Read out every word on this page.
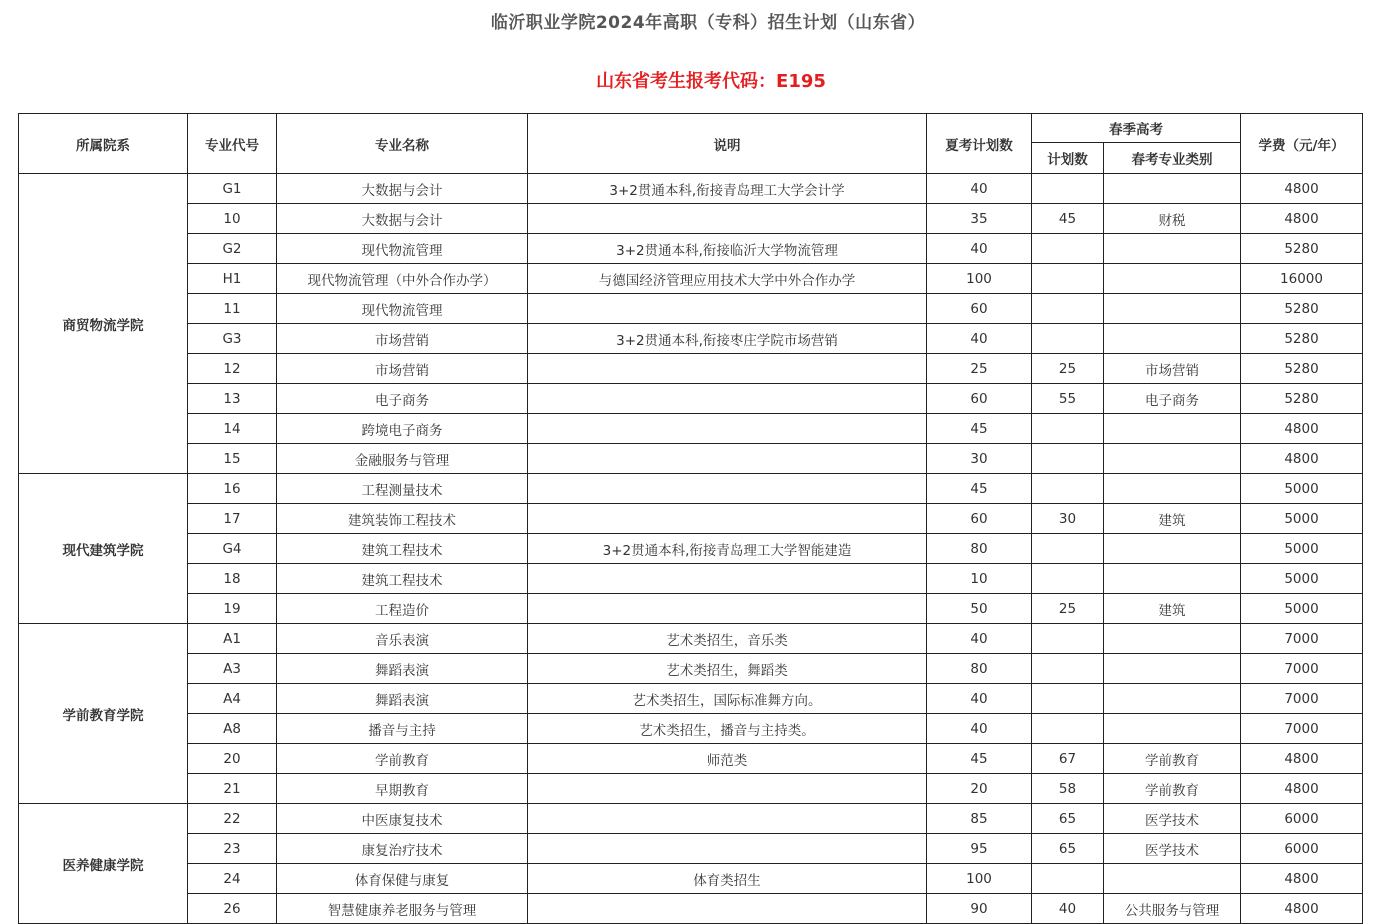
临沂职业学院2024年高职（专科）招生计划（山东省）
山东省考生报考代码：E195
所属院系	专业代号	专业名称	说明	夏考计划数	春季高考		学费（元/年）
					计划数	春考专业类别	
商贸物流学院	G1	大数据与会计	3+2贯通本科,衔接青岛理工大学会计学	40			4800
	10	大数据与会计		35	45	财税	4800
	G2	现代物流管理	3+2贯通本科,衔接临沂大学物流管理	40			5280
	H1	现代物流管理（中外合作办学）	与德国经济管理应用技术大学中外合作办学	100			16000
	11	现代物流管理		60			5280
	G3	市场营销	3+2贯通本科,衔接枣庄学院市场营销	40			5280
	12	市场营销		25	25	市场营销	5280
	13	电子商务		60	55	电子商务	5280
	14	跨境电子商务		45			4800
	15	金融服务与管理		30			4800
现代建筑学院	16	工程测量技术		45			5000
	17	建筑装饰工程技术		60	30	建筑	5000
	G4	建筑工程技术	3+2贯通本科,衔接青岛理工大学智能建造	80			5000
	18	建筑工程技术		10			5000
	19	工程造价		50	25	建筑	5000
学前教育学院	A1	音乐表演	艺术类招生，音乐类	40			7000
	A3	舞蹈表演	艺术类招生，舞蹈类	80			7000
	A4	舞蹈表演	艺术类招生，国际标准舞方向。	40			7000
	A8	播音与主持	艺术类招生，播音与主持类。	40			7000
	20	学前教育	师范类	45	67	学前教育	4800
	21	早期教育		20	58	学前教育	4800
医养健康学院	22	中医康复技术		85	65	医学技术	6000
	23	康复治疗技术		95	65	医学技术	6000
	24	体育保健与康复	体育类招生	100			4800
	26	智慧健康养老服务与管理		90	40	公共服务与管理	4800
